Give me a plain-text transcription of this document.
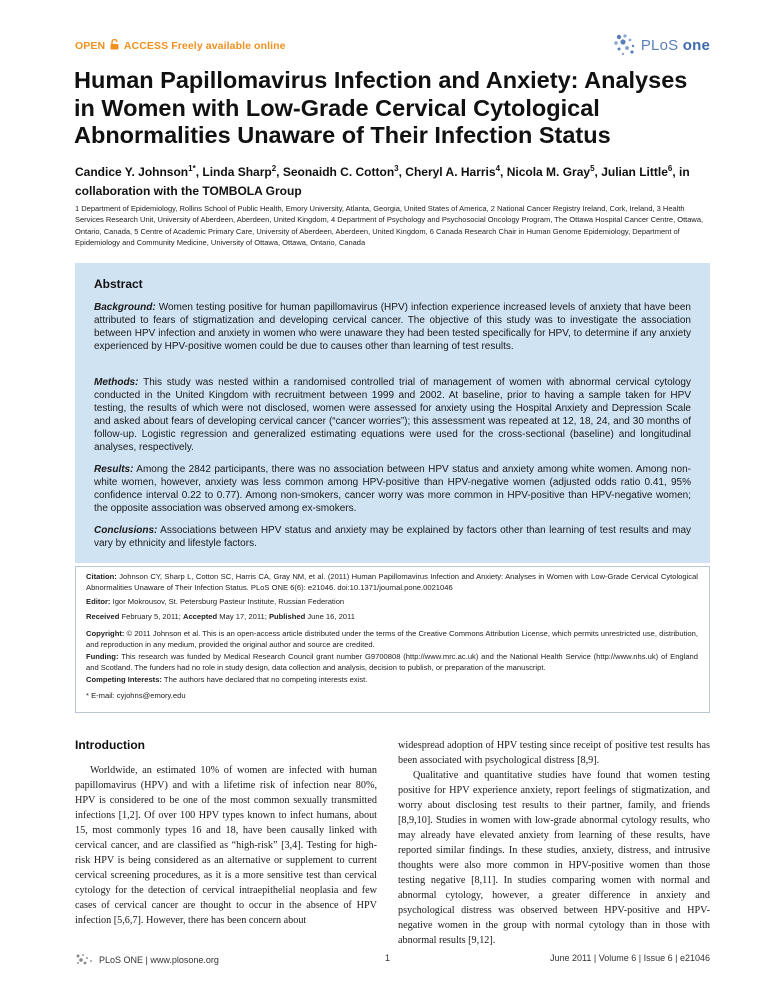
OPEN ACCESS Freely available online	PLoS one
Human Papillomavirus Infection and Anxiety: Analyses in Women with Low-Grade Cervical Cytological Abnormalities Unaware of Their Infection Status
Candice Y. Johnson$^{1*}$, Linda Sharp$^2$, Seonaidh C. Cotton$^3$, Cheryl A. Harris$^4$, Nicola M. Gray$^5$, Julian Little$^6$, in collaboration with the TOMBOLA Group
1 Department of Epidemiology, Rollins School of Public Health, Emory University, Atlanta, Georgia, United States of America, 2 National Cancer Registry Ireland, Cork, Ireland, 3 Health Services Research Unit, University of Aberdeen, Aberdeen, United Kingdom, 4 Department of Psychology and Psychosocial Oncology Program, The Ottawa Hospital Cancer Centre, Ottawa, Ontario, Canada, 5 Centre of Academic Primary Care, University of Aberdeen, Aberdeen, United Kingdom, 6 Canada Research Chair in Human Genome Epidemiology, Department of Epidemiology and Community Medicine, University of Ottawa, Ottawa, Ontario, Canada
Abstract

Background: Women testing positive for human papillomavirus (HPV) infection experience increased levels of anxiety that have been attributed to fears of stigmatization and developing cervical cancer. The objective of this study was to investigate the association between HPV infection and anxiety in women who were unaware they had been tested specifically for HPV, to determine if any anxiety experienced by HPV-positive women could be due to causes other than learning of test results.

Methods: This study was nested within a randomised controlled trial of management of women with abnormal cervical cytology conducted in the United Kingdom with recruitment between 1999 and 2002. At baseline, prior to having a sample taken for HPV testing, the results of which were not disclosed, women were assessed for anxiety using the Hospital Anxiety and Depression Scale and asked about fears of developing cervical cancer (“cancer worries”); this assessment was repeated at 12, 18, 24, and 30 months of follow-up. Logistic regression and generalized estimating equations were used for the cross-sectional (baseline) and longitudinal analyses, respectively.

Results: Among the 2842 participants, there was no association between HPV status and anxiety among white women. Among non-white women, however, anxiety was less common among HPV-positive than HPV-negative women (adjusted odds ratio 0.41, 95% confidence interval 0.22 to 0.77). Among non-smokers, cancer worry was more common in HPV-positive than HPV-negative women; the opposite association was observed among ex-smokers.

Conclusions: Associations between HPV status and anxiety may be explained by factors other than learning of test results and may vary by ethnicity and lifestyle factors.

Citation: Johnson CY, Sharp L, Cotton SC, Harris CA, Gray NM, et al. (2011) Human Papillomavirus Infection and Anxiety: Analyses in Women with Low-Grade Cervical Cytological Abnormalities Unaware of Their Infection Status. PLoS ONE 6(6): e21046. doi:10.1371/journal.pone.0021046

Editor: Igor Mokrousov, St. Petersburg Pasteur Institute, Russian Federation

Received February 5, 2011; Accepted May 17, 2011; Published June 16, 2011

Copyright: © 2011 Johnson et al. This is an open-access article distributed under the terms of the Creative Commons Attribution License, which permits unrestricted use, distribution, and reproduction in any medium, provided the original author and source are credited.

Funding: This research was funded by Medical Research Council grant number G9700808 (http://www.mrc.ac.uk) and the National Health Service (http://www.nhs.uk) of England and Scotland. The funders had no role in study design, data collection and analysis, decision to publish, or preparation of the manuscript.

Competing Interests: The authors have declared that no competing interests exist.

* E-mail: cyjohns@emory.edu

Introduction
Worldwide, an estimated 10% of women are infected with human papillomavirus (HPV) and with a lifetime risk of infection near 80%, HPV is considered to be one of the most common sexually transmitted infections [1,2]. Of over 100 HPV types known to infect humans, about 15, most commonly types 16 and 18, have been causally linked with cervical cancer, and are classified as “high-risk” [3,4]. Testing for high-risk HPV is being considered as an alternative or supplement to current cervical screening procedures, as it is a more sensitive test than cervical cytology for the detection of cervical intraepithelial neoplasia and few cases of cervical cancer are thought to occur in the absence of HPV infection [5,6,7]. However, there has been concern about
widespread adoption of HPV testing since receipt of positive test results has been associated with psychological distress [8,9].
Qualitative and quantitative studies have found that women testing positive for HPV experience anxiety, report feelings of stigmatization, and worry about disclosing test results to their partner, family, and friends [8,9,10]. Studies in women with low-grade abnormal cytology results, who may already have elevated anxiety from learning of these results, have reported similar findings. In these studies, anxiety, distress, and intrusive thoughts were also more common in HPV-positive women than those testing negative [8,11]. In studies comparing women with normal and abnormal cytology, however, a greater difference in anxiety and psychological distress was observed between HPV-positive and HPV-negative women in the group with normal cytology than in those with abnormal results [9,12].
PLoS ONE | www.plosone.org	1	June 2011 | Volume 6 | Issue 6 | e21046
